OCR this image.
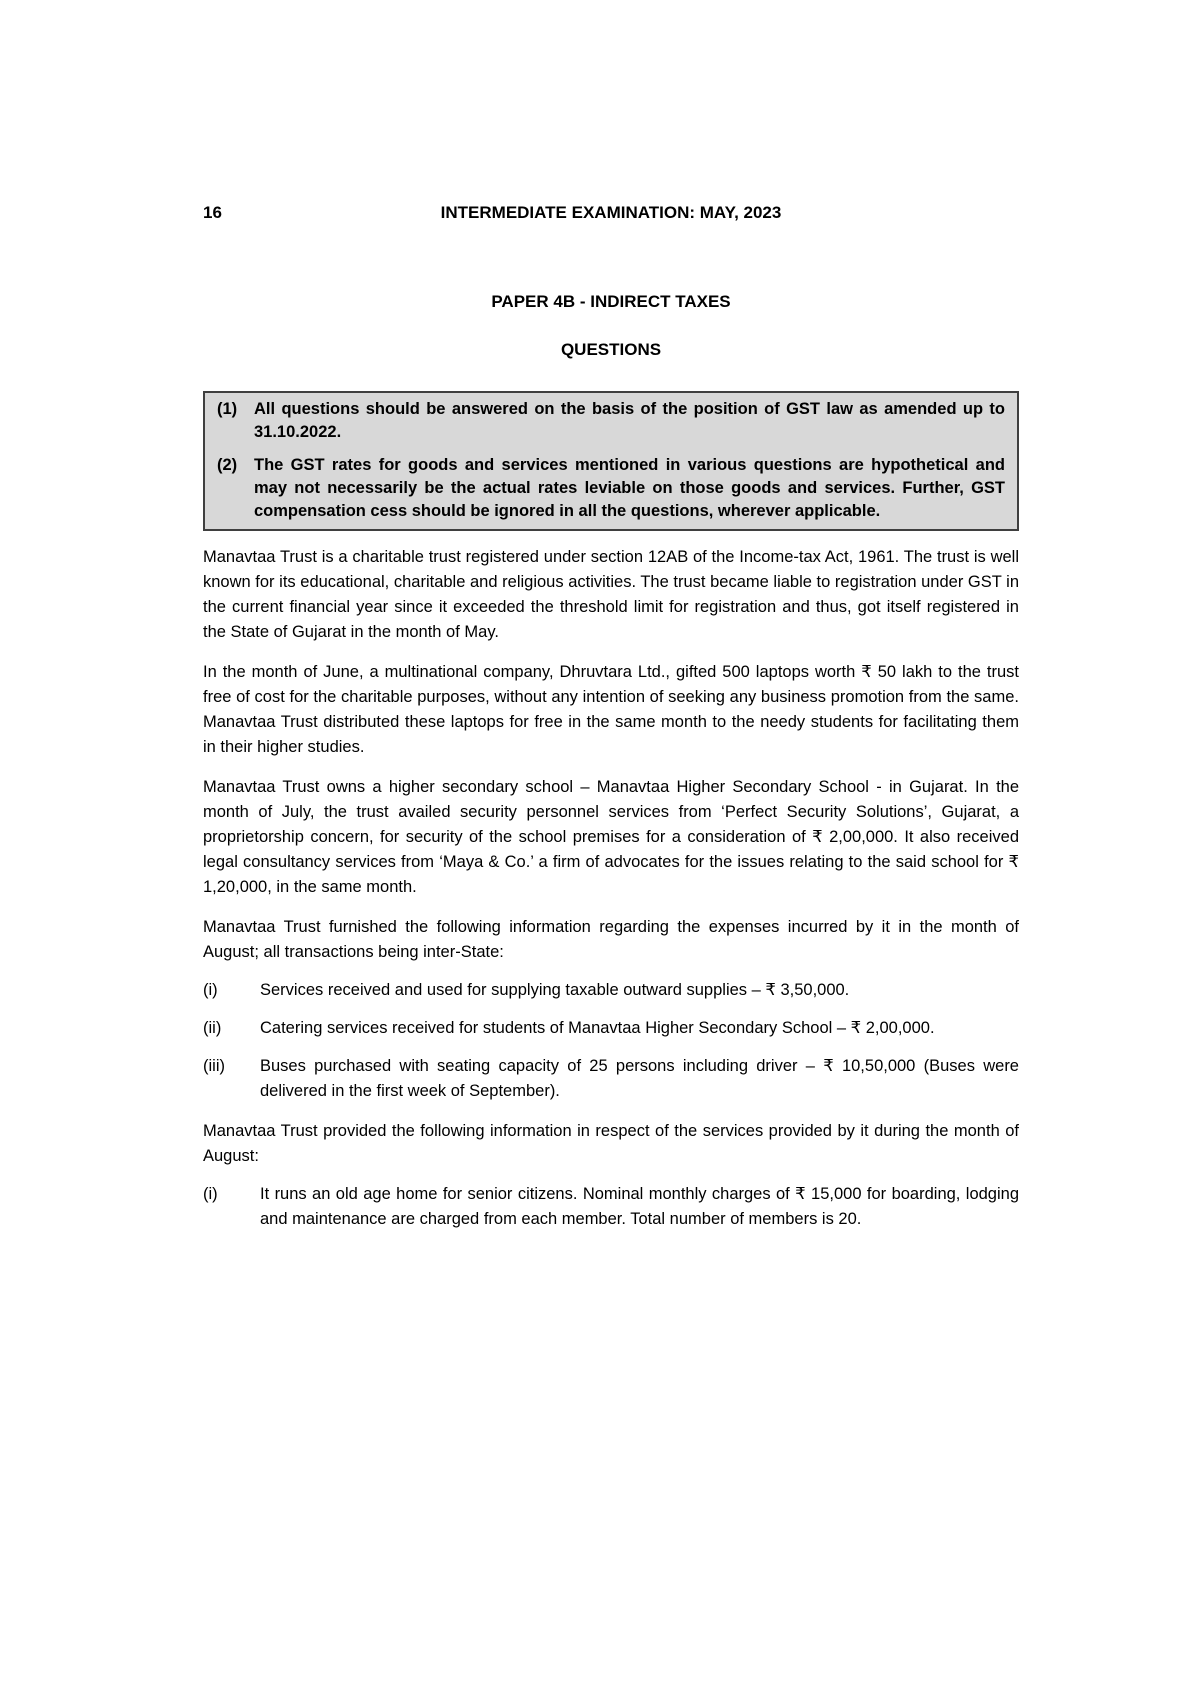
16	INTERMEDIATE EXAMINATION: MAY, 2023
PAPER 4B - INDIRECT TAXES
QUESTIONS
(1) All questions should be answered on the basis of the position of GST law as amended up to 31.10.2022.
(2) The GST rates for goods and services mentioned in various questions are hypothetical and may not necessarily be the actual rates leviable on those goods and services. Further, GST compensation cess should be ignored in all the questions, wherever applicable.

Manavtaa Trust is a charitable trust registered under section 12AB of the Income-tax Act, 1961. The trust is well known for its educational, charitable and religious activities. The trust became liable to registration under GST in the current financial year since it exceeded the threshold limit for registration and thus, got itself registered in the State of Gujarat in the month of May.

In the month of June, a multinational company, Dhruvtara Ltd., gifted 500 laptops worth ₹ 50 lakh to the trust free of cost for the charitable purposes, without any intention of seeking any business promotion from the same. Manavtaa Trust distributed these laptops for free in the same month to the needy students for facilitating them in their higher studies.

Manavtaa Trust owns a higher secondary school – Manavtaa Higher Secondary School - in Gujarat. In the month of July, the trust availed security personnel services from ‘Perfect Security Solutions’, Gujarat, a proprietorship concern, for security of the school premises for a consideration of ₹ 2,00,000. It also received legal consultancy services from ‘Maya & Co.’ a firm of advocates for the issues relating to the said school for ₹ 1,20,000, in the same month.

Manavtaa Trust furnished the following information regarding the expenses incurred by it in the month of August; all transactions being inter-State:

(i)	Services received and used for supplying taxable outward supplies – ₹ 3,50,000.
(ii) Catering services received for students of Manavtaa Higher Secondary School – ₹ 2,00,000.
(iii) Buses purchased with seating capacity of 25 persons including driver – ₹ 10,50,000 (Buses were delivered in the first week of September).

Manavtaa Trust provided the following information in respect of the services provided by it during the month of August:

(i)	It runs an old age home for senior citizens. Nominal monthly charges of ₹ 15,000 for boarding, lodging and maintenance are charged from each member. Total number of members is 20.
